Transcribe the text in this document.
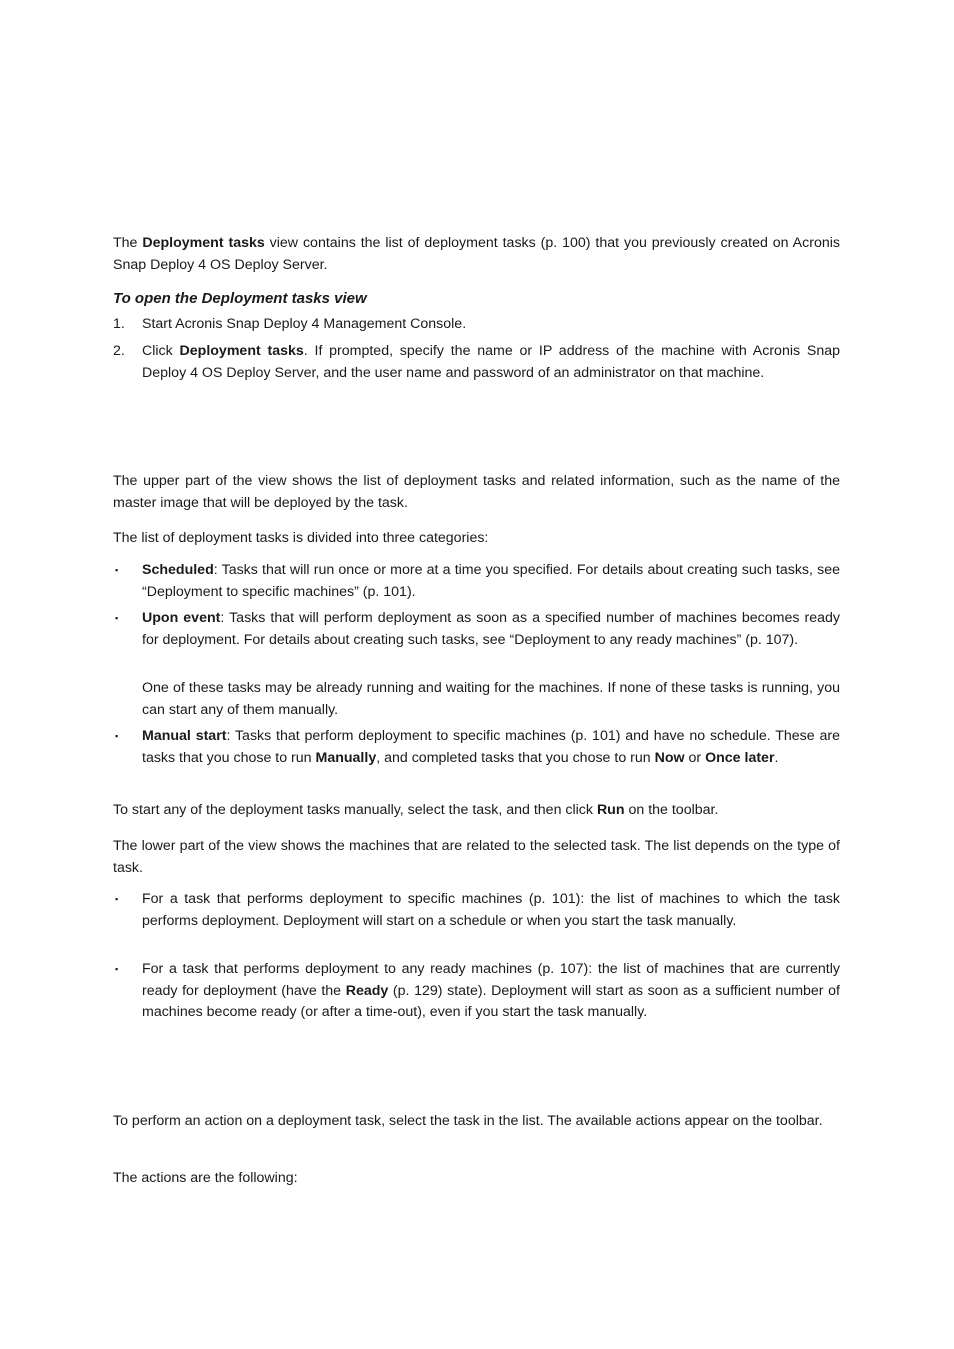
The Deployment tasks view contains the list of deployment tasks (p. 100) that you previously created on Acronis Snap Deploy 4 OS Deploy Server.

To open the Deployment tasks view

1.	Start Acronis Snap Deploy 4 Management Console.
2.	Click Deployment tasks. If prompted, specify the name or IP address of the machine with Acronis Snap Deploy 4 OS Deploy Server, and the user name and password of an administrator on that machine.

The upper part of the view shows the list of deployment tasks and related information, such as the name of the master image that will be deployed by the task.

The list of deployment tasks is divided into three categories:

▪	Scheduled: Tasks that will run once or more at a time you specified. For details about creating such tasks, see “Deployment to specific machines” (p. 101).
▪	Upon event: Tasks that will perform deployment as soon as a specified number of machines becomes ready for deployment. For details about creating such tasks, see “Deployment to any ready machines” (p. 107).

One of these tasks may be already running and waiting for the machines. If none of these tasks is running, you can start any of them manually.

▪	Manual start: Tasks that perform deployment to specific machines (p. 101) and have no schedule. These are tasks that you chose to run Manually, and completed tasks that you chose to run Now or Once later.

To start any of the deployment tasks manually, select the task, and then click Run on the toolbar.

The lower part of the view shows the machines that are related to the selected task. The list depends on the type of task.

▪	For a task that performs deployment to specific machines (p. 101): the list of machines to which the task performs deployment. Deployment will start on a schedule or when you start the task manually.
▪	For a task that performs deployment to any ready machines (p. 107): the list of machines that are currently ready for deployment (have the Ready (p. 129) state). Deployment will start as soon as a sufficient number of machines become ready (or after a time-out), even if you start the task manually.

To perform an action on a deployment task, select the task in the list. The available actions appear on the toolbar.

The actions are the following:
